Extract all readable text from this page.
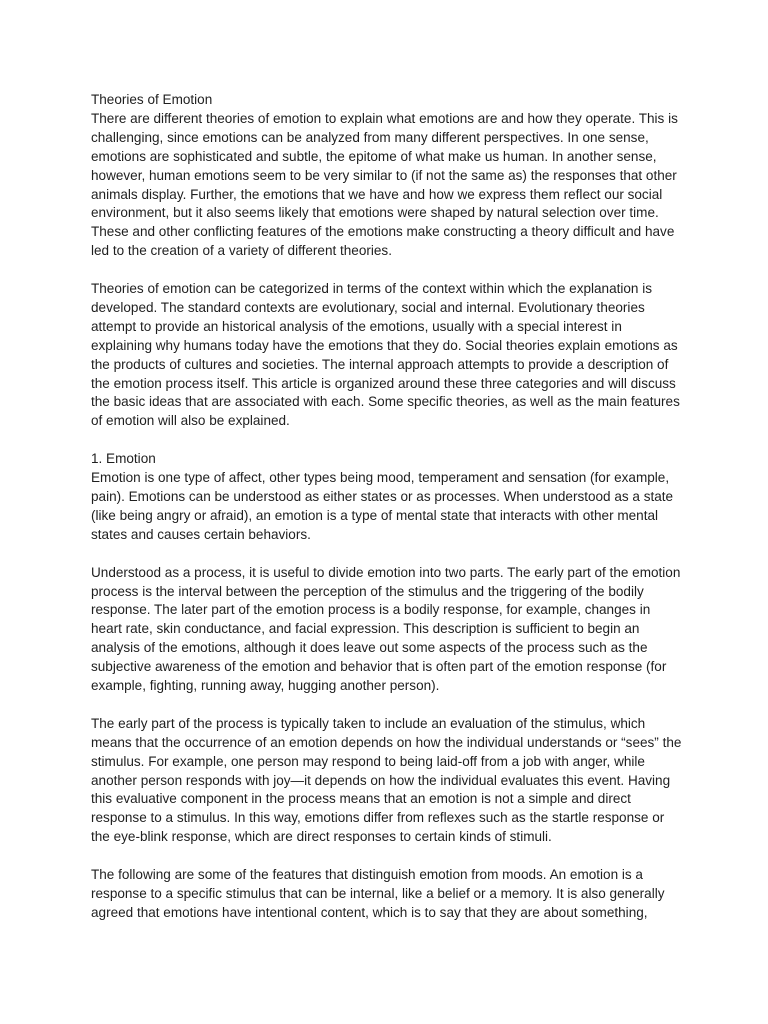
Theories of Emotion

There are different theories of emotion to explain what emotions are and how they operate. This is challenging, since emotions can be analyzed from many different perspectives. In one sense, emotions are sophisticated and subtle, the epitome of what make us human. In another sense, however, human emotions seem to be very similar to (if not the same as) the responses that other animals display. Further, the emotions that we have and how we express them reflect our social environment, but it also seems likely that emotions were shaped by natural selection over time. These and other conflicting features of the emotions make constructing a theory difficult and have led to the creation of a variety of different theories.

Theories of emotion can be categorized in terms of the context within which the explanation is developed. The standard contexts are evolutionary, social and internal. Evolutionary theories attempt to provide an historical analysis of the emotions, usually with a special interest in explaining why humans today have the emotions that they do. Social theories explain emotions as the products of cultures and societies. The internal approach attempts to provide a description of the emotion process itself. This article is organized around these three categories and will discuss the basic ideas that are associated with each. Some specific theories, as well as the main features of emotion will also be explained.

1. Emotion

Emotion is one type of affect, other types being mood, temperament and sensation (for example, pain). Emotions can be understood as either states or as processes. When understood as a state (like being angry or afraid), an emotion is a type of mental state that interacts with other mental states and causes certain behaviors.

Understood as a process, it is useful to divide emotion into two parts. The early part of the emotion process is the interval between the perception of the stimulus and the triggering of the bodily response. The later part of the emotion process is a bodily response, for example, changes in heart rate, skin conductance, and facial expression. This description is sufficient to begin an analysis of the emotions, although it does leave out some aspects of the process such as the subjective awareness of the emotion and behavior that is often part of the emotion response (for example, fighting, running away, hugging another person).

The early part of the process is typically taken to include an evaluation of the stimulus, which means that the occurrence of an emotion depends on how the individual understands or “sees” the stimulus. For example, one person may respond to being laid-off from a job with anger, while another person responds with joy—it depends on how the individual evaluates this event. Having this evaluative component in the process means that an emotion is not a simple and direct response to a stimulus. In this way, emotions differ from reflexes such as the startle response or the eye-blink response, which are direct responses to certain kinds of stimuli.

The following are some of the features that distinguish emotion from moods. An emotion is a response to a specific stimulus that can be internal, like a belief or a memory. It is also generally agreed that emotions have intentional content, which is to say that they are about something,
